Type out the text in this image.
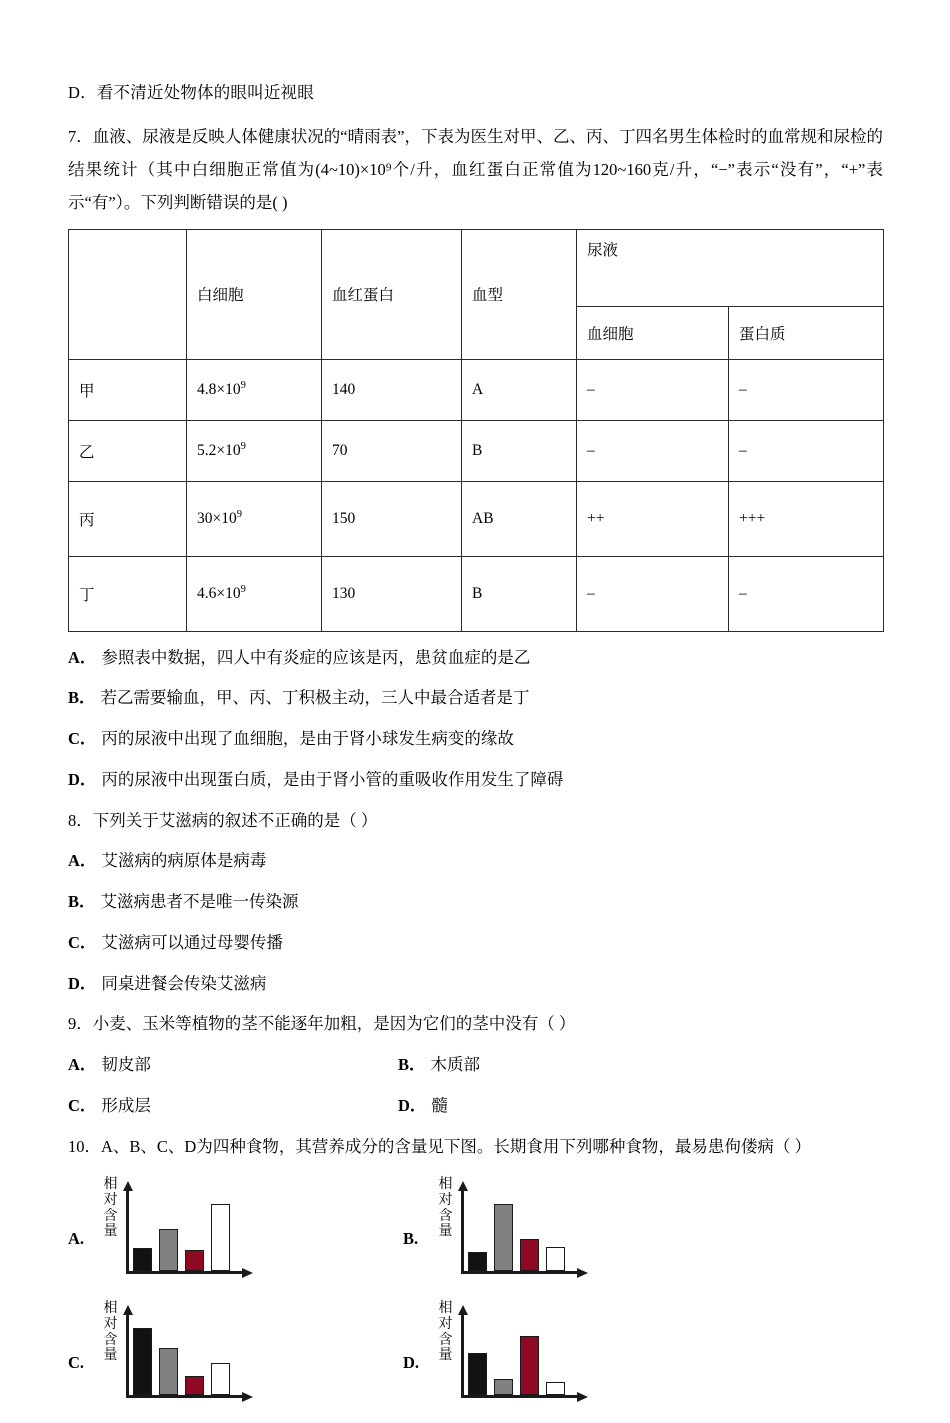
D．看不清近处物体的眼叫近视眼

7．血液、尿液是反映人体健康状况的“晴雨表”，下表为医生对甲、乙、丙、丁四名男生体检时的血常规和尿检的结果统计（其中白细胞正常值为(4~10)×10⁹个/升，血红蛋白正常值为120~160克/升，“−”表示“没有”，“+”表示“有”）。下列判断错误的是( )

	白细胞	血红蛋白	血型	尿液	
				血细胞	蛋白质
甲	$4.8\times 10^9$	140	A	–	–
乙	$5.2\times 10^9$	70	B	–	–
丙	$30\times 10^9$	150	AB	++	+++
丁	$4.6\times 10^9$	130	B	–	–

A． 参照表中数据，四人中有炎症的应该是丙，患贫血症的是乙

B． 若乙需要输血，甲、丙、丁积极主动，三人中最合适者是丁

C． 丙的尿液中出现了血细胞，是由于肾小球发生病变的缘故

D． 丙的尿液中出现蛋白质，是由于肾小管的重吸收作用发生了障碍

8．下列关于艾滋病的叙述不正确的是（ ）

A． 艾滋病的病原体是病毒

B． 艾滋病患者不是唯一传染源

C． 艾滋病可以通过母婴传播

D． 同桌进餐会传染艾滋病

9．小麦、玉米等植物的茎不能逐年加粗，是因为它们的茎中没有（ ）

A． 韧皮部	B． 木质部
C． 形成层	D． 髓

10．A、B、C、D为四种食物，其营养成分的含量见下图。长期食用下列哪种食物，最易患佝偻病（ ）

A.
相
对
含
量	B.
相
对
含
量
C.
相
对
含
量	D.
相
对
含
量
